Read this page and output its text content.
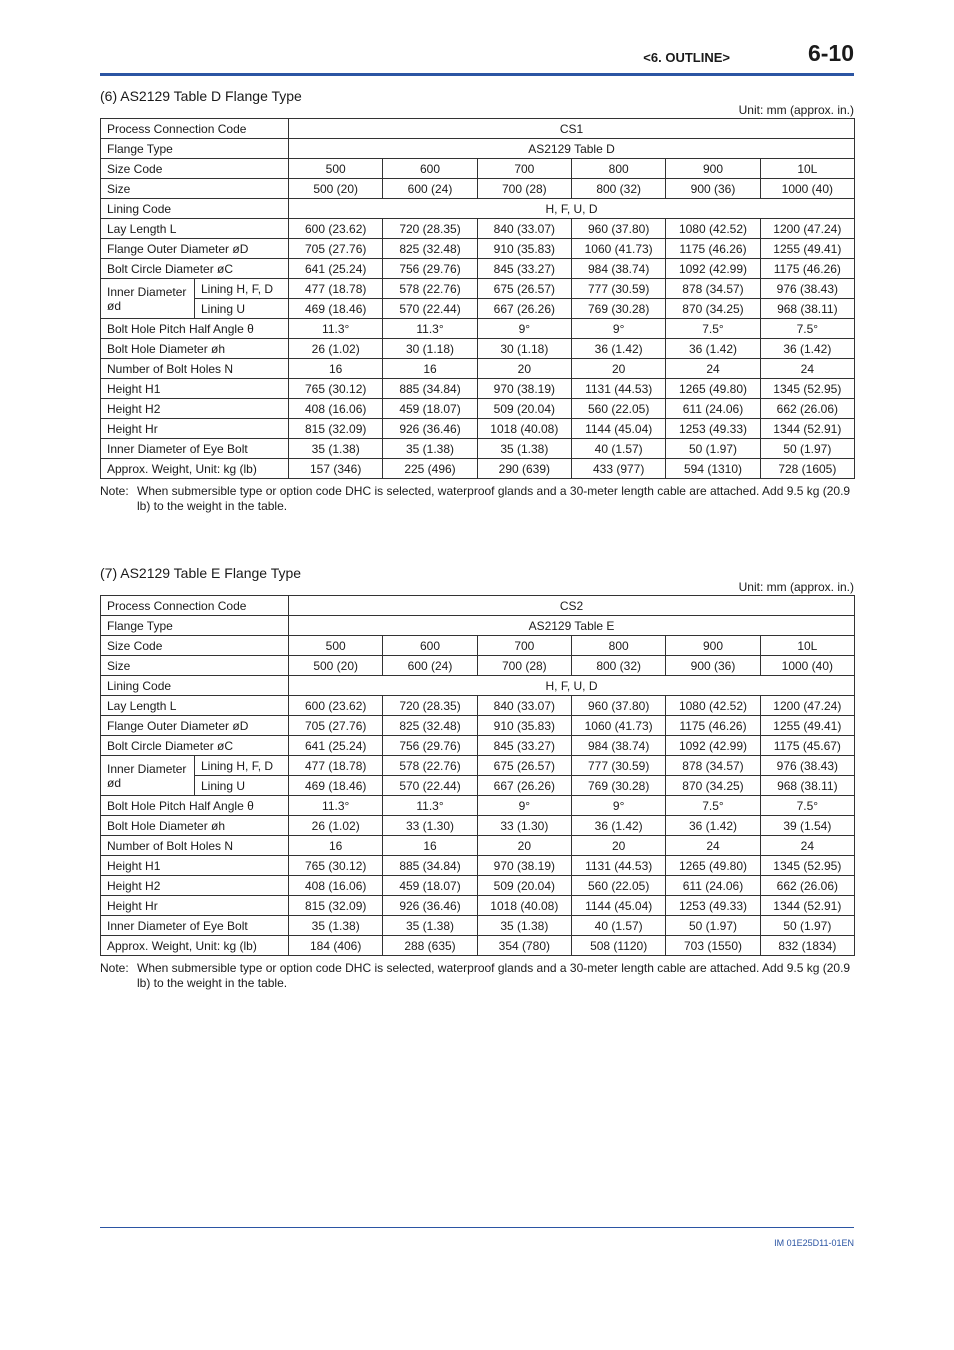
<6. OUTLINE>	6-10
(6) AS2129 Table D Flange Type
Unit: mm (approx. in.)
Process Connection Code		CS1					
Flange Type		AS2129 Table D					
Size Code		500	600	700	800	900	10L
Size		500 (20)	600 (24)	700 (28)	800 (32)	900 (36)	1000 (40)
Lining Code		H, F, U, D					
Lay Length L		600 (23.62)	720 (28.35)	840 (33.07)	960 (37.80)	1080 (42.52)	1200 (47.24)
Flange Outer Diameter øD		705 (27.76)	825 (32.48)	910 (35.83)	1060 (41.73)	1175 (46.26)	1255 (49.41)
Bolt Circle Diameter øC		641 (25.24)	756 (29.76)	845 (33.27)	984 (38.74)	1092 (42.99)	1175 (46.26)
Inner Diameter ød	Lining H, F, D	477 (18.78)	578 (22.76)	675 (26.57)	777 (30.59)	878 (34.57)	976 (38.43)
	Lining U	469 (18.46)	570 (22.44)	667 (26.26)	769 (30.28)	870 (34.25)	968 (38.11)
Bolt Hole Pitch Half Angle θ		11.3°	11.3°	9°	9°	7.5°	7.5°
Bolt Hole Diameter øh		26 (1.02)	30 (1.18)	30 (1.18)	36 (1.42)	36 (1.42)	36 (1.42)
Number of Bolt Holes N		16	16	20	20	24	24
Height H1		765 (30.12)	885 (34.84)	970 (38.19)	1131 (44.53)	1265 (49.80)	1345 (52.95)
Height H2		408 (16.06)	459 (18.07)	509 (20.04)	560 (22.05)	611 (24.06)	662 (26.06)
Height Hr		815 (32.09)	926 (36.46)	1018 (40.08)	1144 (45.04)	1253 (49.33)	1344 (52.91)
Inner Diameter of Eye Bolt		35 (1.38)	35 (1.38)	35 (1.38)	40 (1.57)	50 (1.97)	50 (1.97)
Approx. Weight, Unit: kg (lb)		157 (346)	225 (496)	290 (639)	433 (977)	594 (1310)	728 (1605)
Note: When submersible type or option code DHC is selected, waterproof glands and a 30-meter length cable are attached. Add 9.5 kg (20.9 lb) to the weight in the table.
(7) AS2129 Table E Flange Type
Unit: mm (approx. in.)
Process Connection Code		CS2					
Flange Type		AS2129 Table E					
Size Code		500	600	700	800	900	10L
Size		500 (20)	600 (24)	700 (28)	800 (32)	900 (36)	1000 (40)
Lining Code		H, F, U, D					
Lay Length L		600 (23.62)	720 (28.35)	840 (33.07)	960 (37.80)	1080 (42.52)	1200 (47.24)
Flange Outer Diameter øD		705 (27.76)	825 (32.48)	910 (35.83)	1060 (41.73)	1175 (46.26)	1255 (49.41)
Bolt Circle Diameter øC		641 (25.24)	756 (29.76)	845 (33.27)	984 (38.74)	1092 (42.99)	1175 (45.67)
Inner Diameter ød	Lining H, F, D	477 (18.78)	578 (22.76)	675 (26.57)	777 (30.59)	878 (34.57)	976 (38.43)
	Lining U	469 (18.46)	570 (22.44)	667 (26.26)	769 (30.28)	870 (34.25)	968 (38.11)
Bolt Hole Pitch Half Angle θ		11.3°	11.3°	9°	9°	7.5°	7.5°
Bolt Hole Diameter øh		26 (1.02)	33 (1.30)	33 (1.30)	36 (1.42)	36 (1.42)	39 (1.54)
Number of Bolt Holes N		16	16	20	20	24	24
Height H1		765 (30.12)	885 (34.84)	970 (38.19)	1131 (44.53)	1265 (49.80)	1345 (52.95)
Height H2		408 (16.06)	459 (18.07)	509 (20.04)	560 (22.05)	611 (24.06)	662 (26.06)
Height Hr		815 (32.09)	926 (36.46)	1018 (40.08)	1144 (45.04)	1253 (49.33)	1344 (52.91)
Inner Diameter of Eye Bolt		35 (1.38)	35 (1.38)	35 (1.38)	40 (1.57)	50 (1.97)	50 (1.97)
Approx. Weight, Unit: kg (lb)		184 (406)	288 (635)	354 (780)	508 (1120)	703 (1550)	832 (1834)
Note: When submersible type or option code DHC is selected, waterproof glands and a 30-meter length cable are attached. Add 9.5 kg (20.9 lb) to the weight in the table.
IM 01E25D11-01EN
